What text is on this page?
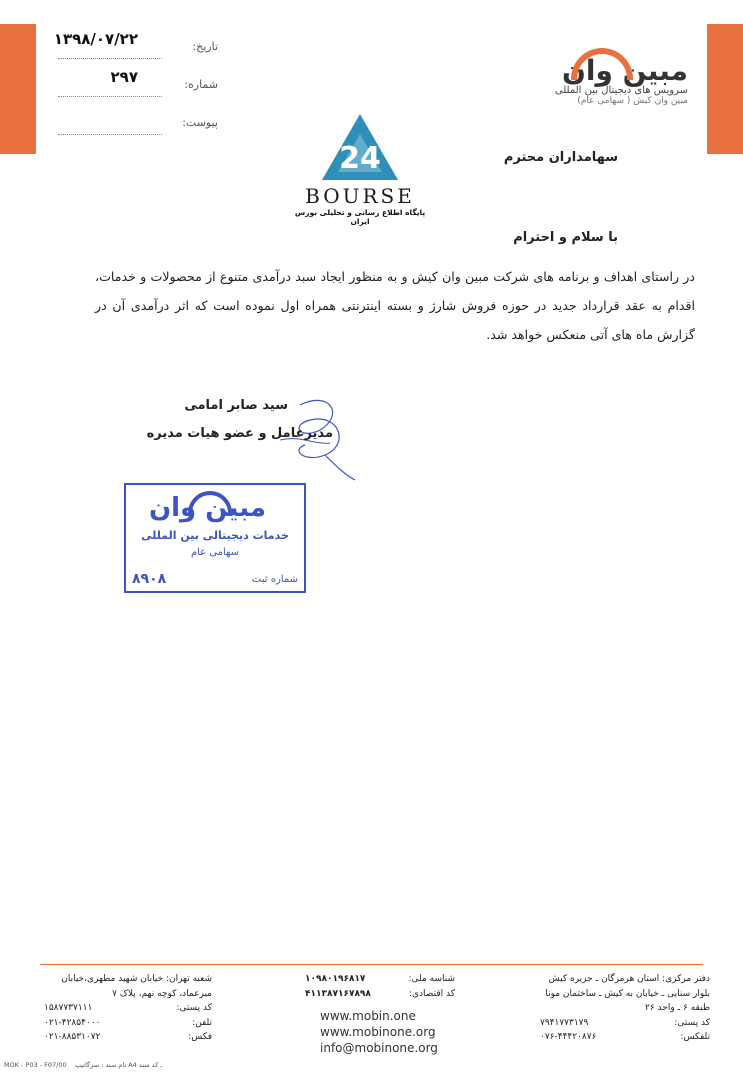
۱۳۹۸/۰۷/۲۲	تاریخ:
۲۹۷	شماره:
پیوست:
مبین وان
سرویس های دیجیتال بین المللی
مبین وان کیش ( سهامی عام)
24
BOURSE
پایگاه اطلاع رسانی و تحلیلی بورس ایران
سهامداران محترم
با سلام و احترام
در راستای اهداف و برنامه های شرکت مبین وان کیش و به منظور ایجاد سبد درآمدی متنوع از محصولات و خدمات، اقدام به عقد قرارداد جدید در حوزه فروش شارژ و بسته اینترنتی همراه اول نموده است که اثر درآمدی آن در گزارش ماه های آتی منعکس خواهد شد.
سید صابر امامی
مدیرعامل و عضو هیات مدیره
مبین وان
خدمات دیجیتالی بین المللی
سهامی عام
شماره ثبت
۸۹۰۸
دفتر مرکزی: استان هرمزگان ـ جزیره کیش
بلوار سنایی ـ خیابان به کیش ـ ساختمان مونا
طبقه ۶ ـ واحد ۲۶
کد پستی:
۷۹۴۱۷۷۳۱۷۹
تلفکس:
۰۷۶-۴۴۴۲۰۸۷۶
شناسه ملی:
۱۰۹۸۰۱۹۶۸۱۷
کد اقتصادی:
۴۱۱۳۸۷۱۶۷۸۹۸
www.mobin.one
www.mobinone.org
info@mobinone.org
شعبه تهران: خیابان شهید مطهری،خیابان
میرعماد، کوچه نهم، پلاک ۷
کد پستی:
۱۵۸۷۷۳۷۱۱۱
تلفن:
۰۲۱-۴۲۸۵۴۰۰۰
فکس:
۰۲۱-۸۸۵۳۱۰۷۲
MOK - P03 - F07/00 نام سند : سرگاتیپ A4 ـ کد سند
